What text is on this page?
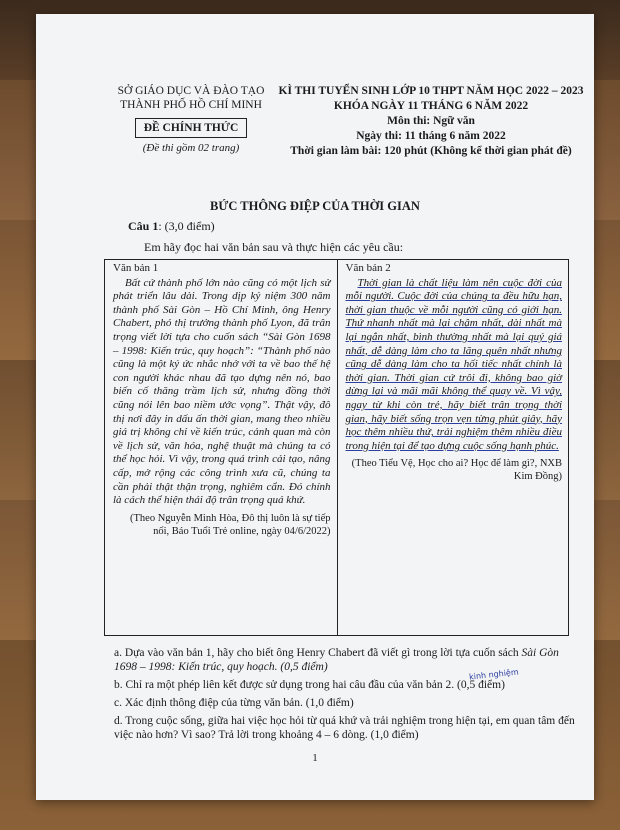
SỞ GIÁO DỤC VÀ ĐÀO TẠO
THÀNH PHỐ HỒ CHÍ MINH
ĐỀ CHÍNH THỨC
(Đề thi gồm 02 trang)
KÌ THI TUYỂN SINH LỚP 10 THPT NĂM HỌC 2022 – 2023
KHÓA NGÀY 11 THÁNG 6 NĂM 2022
Môn thi: Ngữ văn
Ngày thi: 11 tháng 6 năm 2022
Thời gian làm bài: 120 phút (Không kể thời gian phát đề)
BỨC THÔNG ĐIỆP CỦA THỜI GIAN
Câu 1: (3,0 điểm)
Em hãy đọc hai văn bản sau và thực hiện các yêu cầu:
Văn bản 1
Bất cứ thành phố lớn nào cũng có một lịch sử phát triển lâu dài. Trong dịp kỷ niệm 300 năm thành phố Sài Gòn – Hồ Chí Minh, ông Henry Chabert, phó thị trưởng thành phố Lyon, đã trân trọng viết lời tựa cho cuốn sách “Sài Gòn 1698 – 1998: Kiến trúc, quy hoạch”: “Thành phố nào cũng là một ký ức nhắc nhở với ta về bao thế hệ con người khác nhau đã tạo dựng nên nó, bao biến cố thăng trầm lịch sử, nhưng đồng thời cũng nói lên bao niềm ước vọng”. Thật vậy, đô thị nơi đây in dấu ấn thời gian, mang theo nhiều giá trị không chỉ về kiến trúc, cảnh quan mà còn về lịch sử, văn hóa, nghệ thuật mà chúng ta có thể học hỏi. Vì vậy, trong quá trình cải tạo, nâng cấp, mở rộng các công trình xưa cũ, chúng ta cần phải thật thận trọng, nghiêm cẩn. Đó chính là cách thể hiện thái độ trân trọng quá khứ.
(Theo Nguyễn Minh Hòa, Đô thị luôn là sự tiếp nối, Báo Tuổi Trẻ online, ngày 04/6/2022)
Văn bản 2
Thời gian là chất liệu làm nên cuộc đời của mỗi người. Cuộc đời của chúng ta đều hữu hạn, thời gian thuộc về mỗi người cũng có giới hạn. Thứ nhanh nhất mà lại chậm nhất, dài nhất mà lại ngắn nhất, bình thường nhất mà lại quý giá nhất, dễ dàng làm cho ta lãng quên nhất nhưng cũng dễ dàng làm cho ta hối tiếc nhất chính là thời gian. Thời gian cứ trôi đi, không bao giờ dừng lại và mãi mãi không thể quay về. Vì vậy, ngay từ khi còn trẻ, hãy biết trân trọng thời gian, hãy biết sống trọn vẹn từng phút giây, hãy học thêm nhiều thứ, trải nghiệm thêm nhiều điều trong hiện tại để tạo dựng cuộc sống hạnh phúc.
(Theo Tiểu Vệ, Học cho ai? Học để làm gì?, NXB Kim Đồng)

a. Dựa vào văn bản 1, hãy cho biết ông Henry Chabert đã viết gì trong lời tựa cuốn sách Sài Gòn 1698 – 1998: Kiến trúc, quy hoạch. (0,5 điểm)

b. Chỉ ra một phép liên kết được sử dụng trong hai câu đầu của văn bản 2. (0,5 điểm)

c. Xác định thông điệp của từng văn bản. (1,0 điểm)

d. Trong cuộc sống, giữa hai việc học hỏi từ quá khứ và trải nghiệm trong hiện tại, em quan tâm đến việc nào hơn? Vì sao? Trả lời trong khoảng 4 – 6 dòng. (1,0 điểm)

kinh nghiệm
1
